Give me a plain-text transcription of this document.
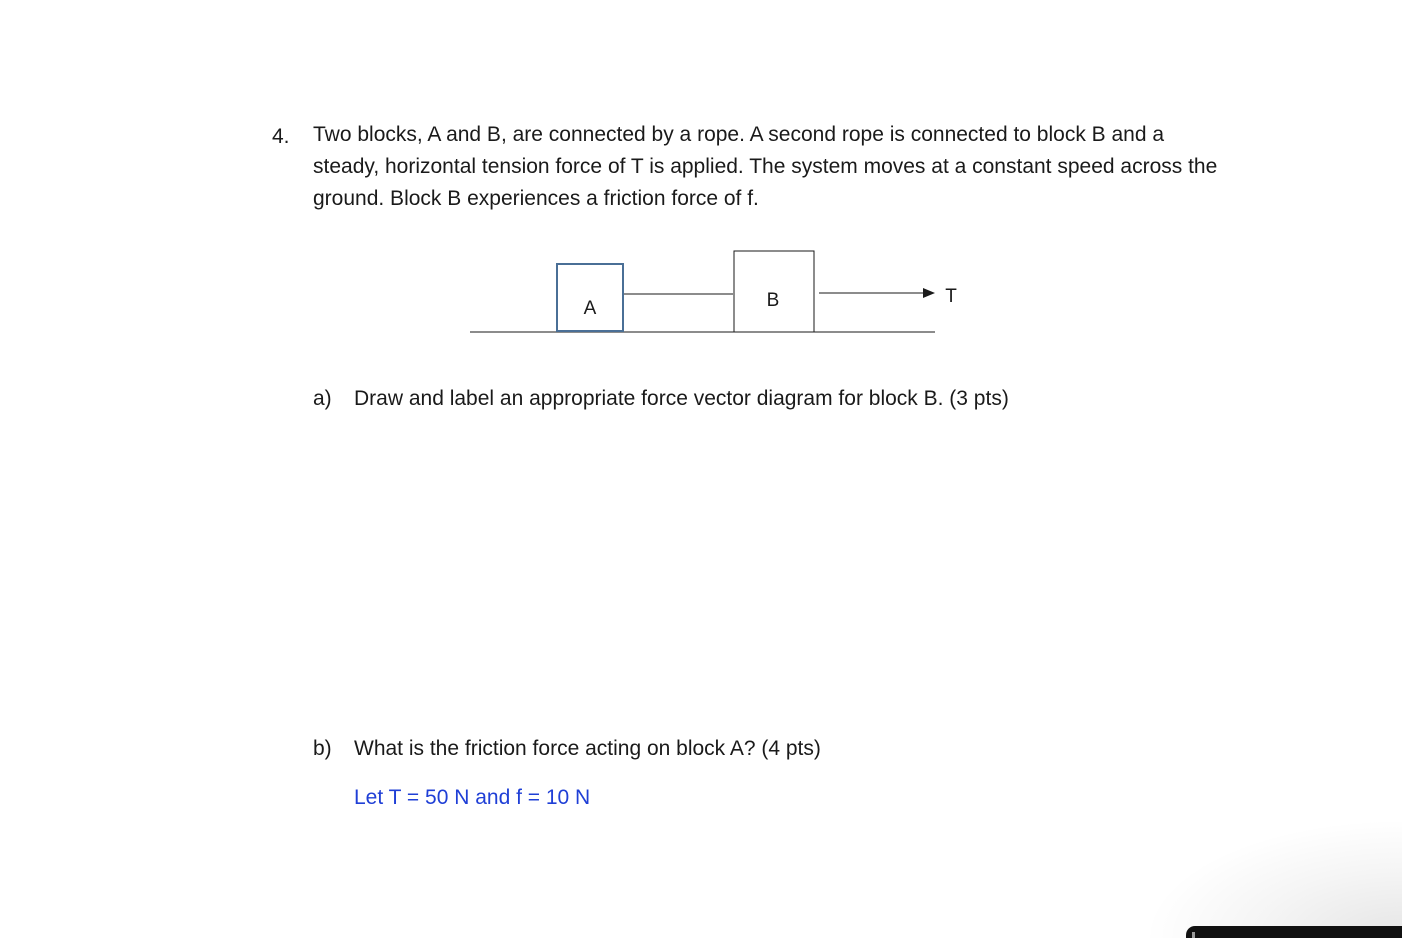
4. Two blocks, A and B, are connected by a rope. A second rope is connected to block B and a
steady, horizontal tension force of T is applied. The system moves at a constant speed across the
ground. Block B experiences a friction force of f.
A	B	T
a) Draw and label an appropriate force vector diagram for block B. (3 pts)
b) What is the friction force acting on block A? (4 pts)
Let T = 50 N and f = 10 N
